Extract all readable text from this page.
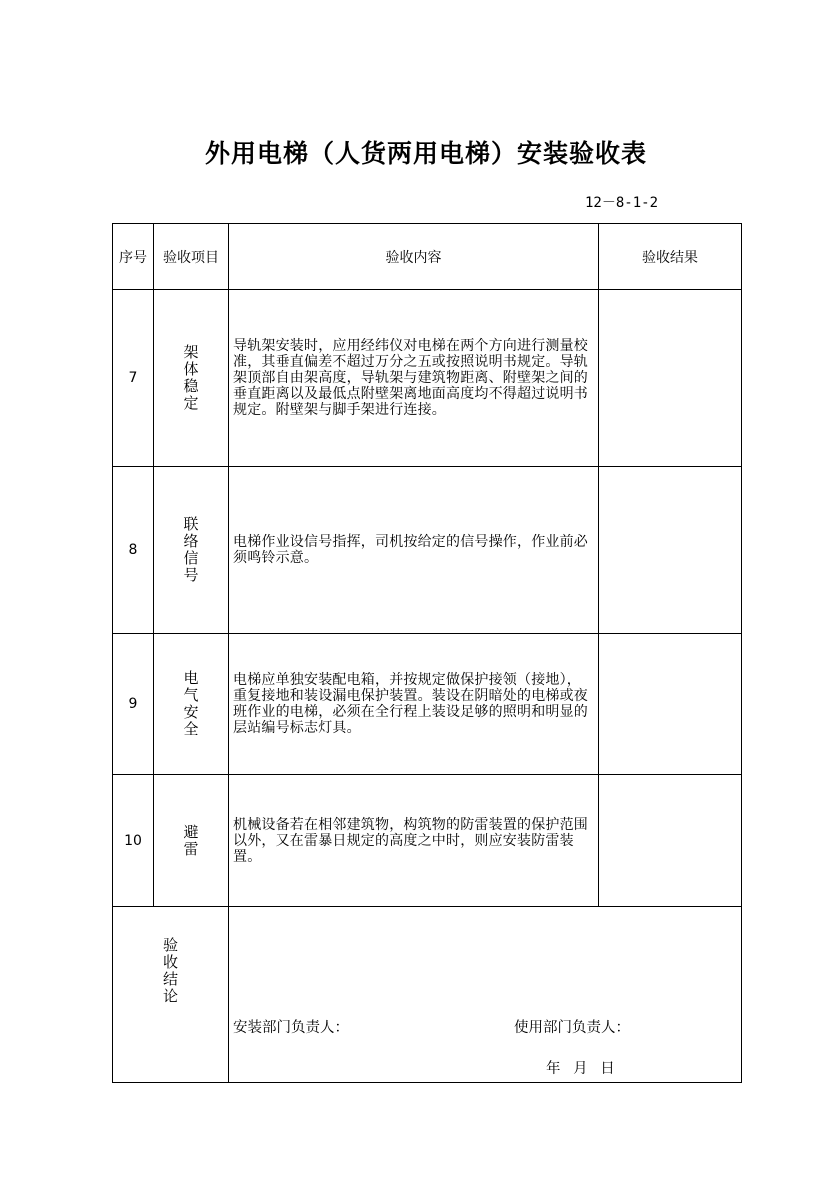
外用电梯（人货两用电梯）安装验收表
12－8-1-2
序号	验收项目	验收内容	验收结果
7	架体稳定	导轨架安装时，应用经纬仪对电梯在两个方向进行测量校准，其垂直偏差不超过万分之五或按照说明书规定。导轨架顶部自由架高度，导轨架与建筑物距离、附壁架之间的垂直距离以及最低点附壁架离地面高度均不得超过说明书规定。附壁架与脚手架进行连接。	
8	联络信号	电梯作业设信号指挥，司机按给定的信号操作，作业前必须鸣铃示意。	
9	电气安全	电梯应单独安装配电箱，并按规定做保护接领（接地），重复接地和装设漏电保护装置。装设在阴暗处的电梯或夜班作业的电梯，必须在全行程上装设足够的照明和明显的层站编号标志灯具。	
10	避雷	机械设备若在相邻建筑物，构筑物的防雷装置的保护范围以外，又在雷暴日规定的高度之中时，则应安装防雷装置。	
验收结论		安装部门负责人： 使用部门负责人：
年 月 日	
